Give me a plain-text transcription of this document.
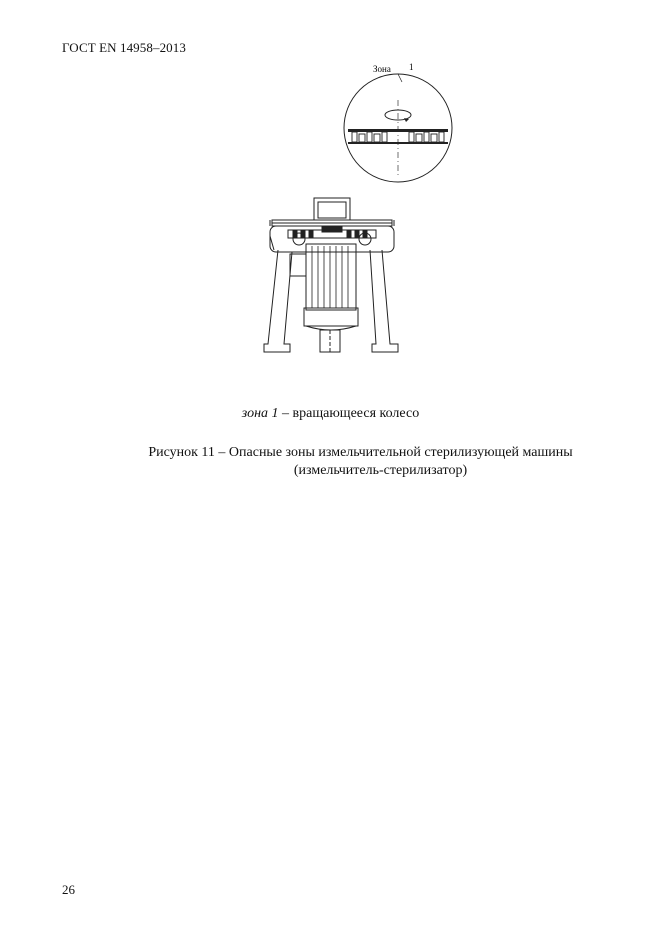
ГОСТ EN 14958–2013
Зона 1
зона 1 – вращающееся колесо
Рисунок 11 – Опасные зоны измельчительной стерилизующей машины
(измельчитель-стерилизатор)
26
